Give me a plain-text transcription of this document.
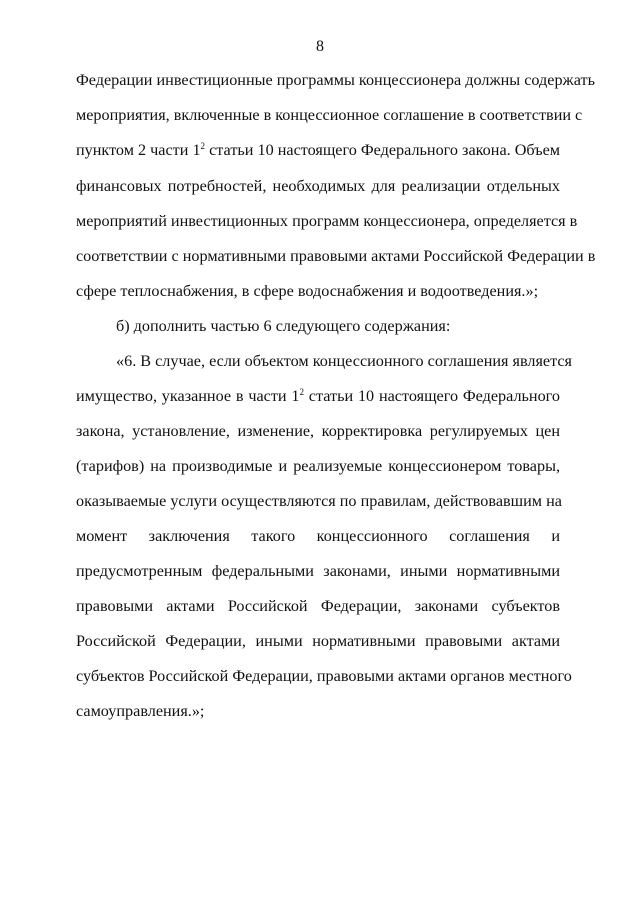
8
Федерации инвестиционные программы концессионера должны содержать
мероприятия, включенные в концессионное соглашение в соответствии с
пунктом 2 части $1^2$ статьи 10 настоящего Федерального закона. Объем
финансовых потребностей, необходимых для реализации отдельных
мероприятий инвестиционных программ концессионера, определяется в
соответствии с нормативными правовыми актами Российской Федерации в
сфере теплоснабжения, в сфере водоснабжения и водоотведения.»;
б) дополнить частью 6 следующего содержания:
«6. В случае, если объектом концессионного соглашения является
имущество, указанное в части $1^2$ статьи 10 настоящего Федерального
закона, установление, изменение, корректировка регулируемых цен
(тарифов) на производимые и реализуемые концессионером товары,
оказываемые услуги осуществляются по правилам, действовавшим на
момент заключения такого концессионного соглашения и
предусмотренным федеральными законами, иными нормативными
правовыми актами Российской Федерации, законами субъектов
Российской Федерации, иными нормативными правовыми актами
субъектов Российской Федерации, правовыми актами органов местного
самоуправления.»;
